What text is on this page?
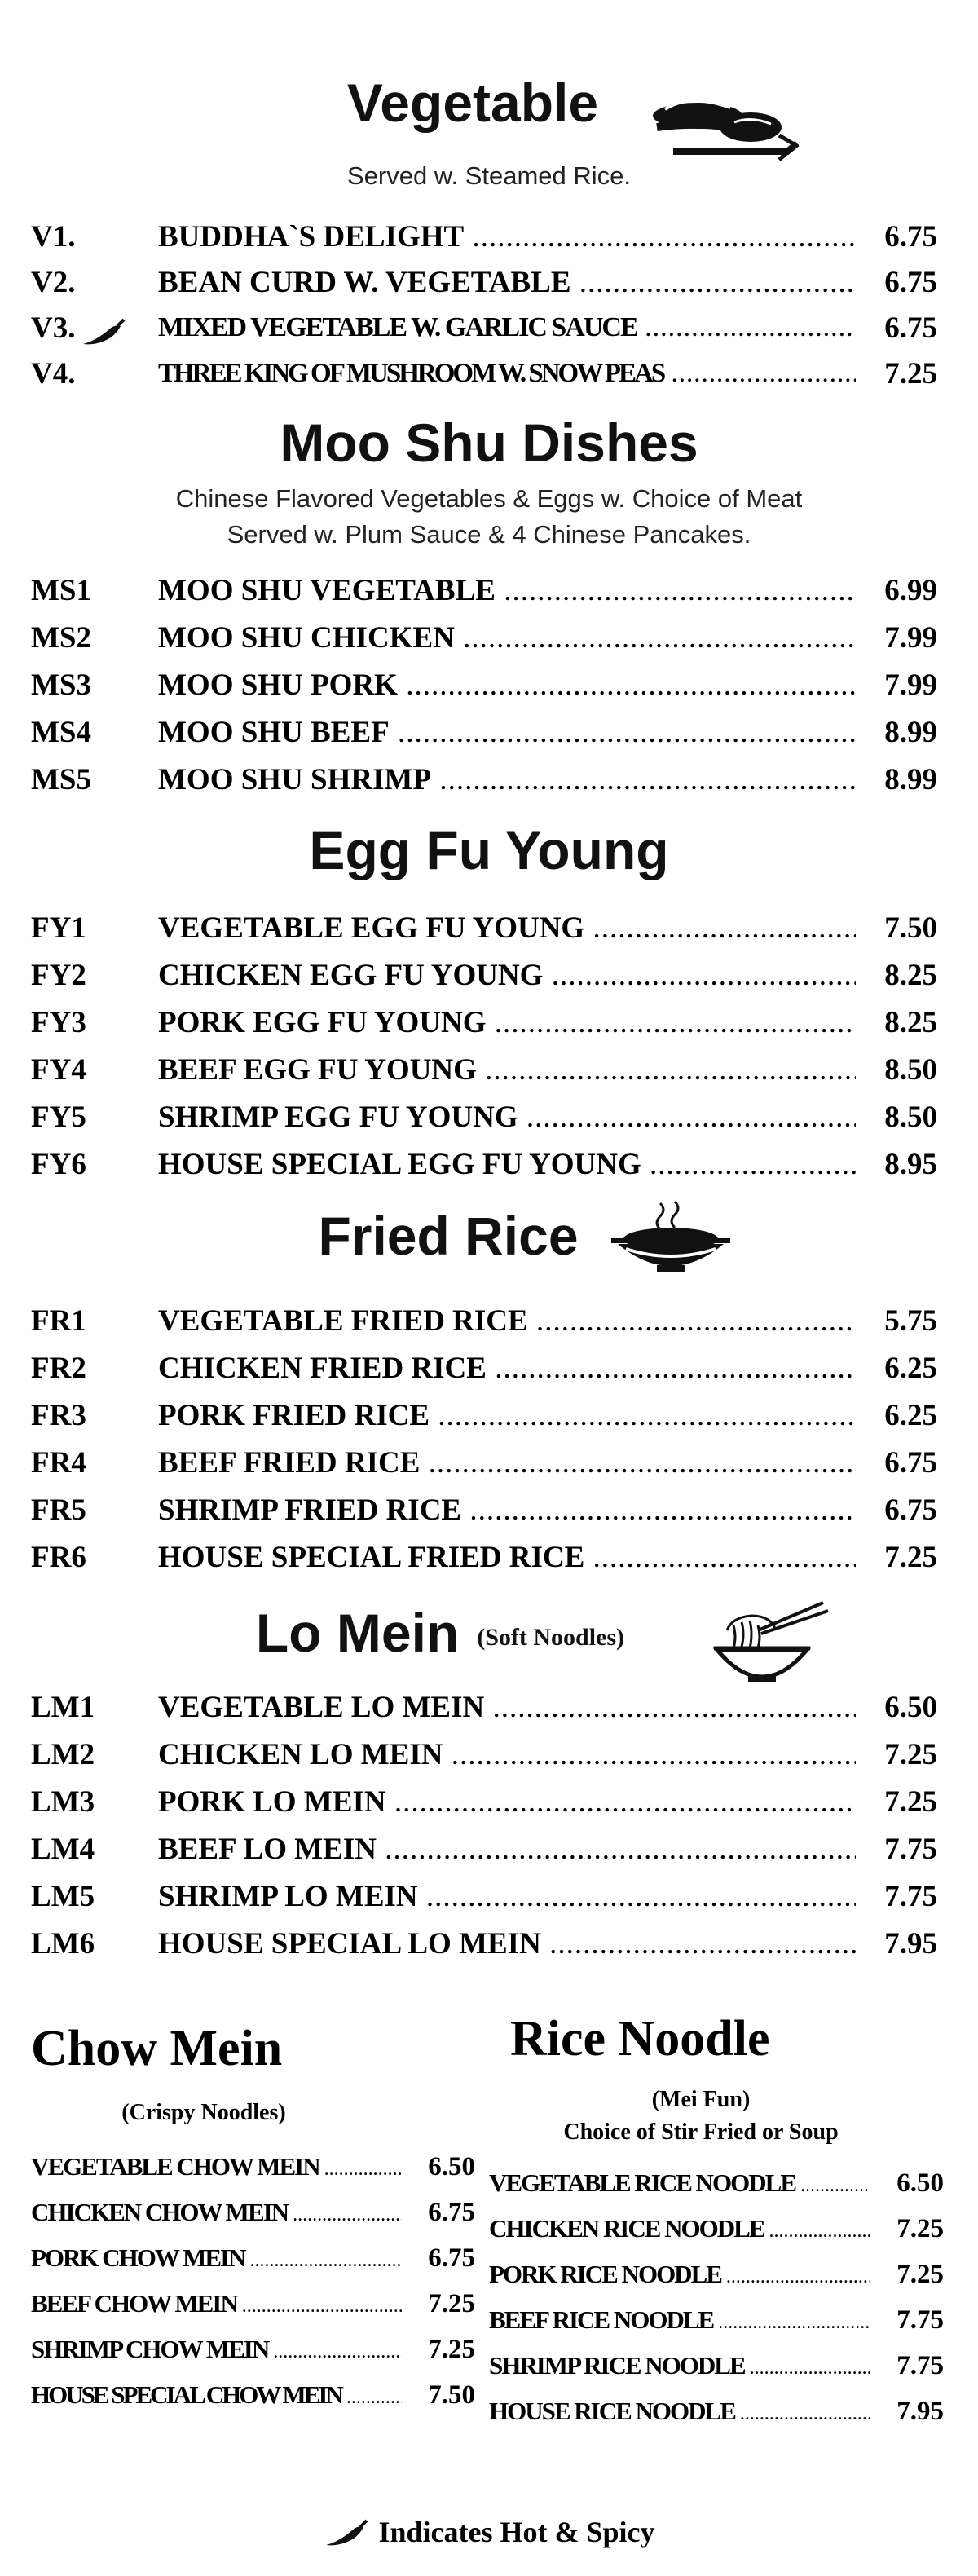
Vegetable
Served w. Steamed Rice.
V1.	BUDDHA`S DELIGHT .....	6.75
V2.	BEAN CURD W. VEGETABLE .....	6.75
V3.	MIXED VEGETABLE W. GARLIC SAUCE .....	6.75
V4.	THREE KING OF MUSHROOM W. SNOW PEAS .....	7.25
Moo Shu Dishes
Chinese Flavored Vegetables & Eggs w. Choice of Meat
Served w. Plum Sauce & 4 Chinese Pancakes.
MS1	MOO SHU VEGETABLE .....	6.99
MS2	MOO SHU CHICKEN .....	7.99
MS3	MOO SHU PORK .....	7.99
MS4	MOO SHU BEEF .....	8.99
MS5	MOO SHU SHRIMP .....	8.99
Egg Fu Young
FY1	VEGETABLE EGG FU YOUNG .....	7.50
FY2	CHICKEN EGG FU YOUNG .....	8.25
FY3	PORK EGG FU YOUNG .....	8.25
FY4	BEEF EGG FU YOUNG .....	8.50
FY5	SHRIMP EGG FU YOUNG .....	8.50
FY6	HOUSE SPECIAL EGG FU YOUNG .....	8.95
Fried Rice
FR1	VEGETABLE FRIED RICE .....	5.75
FR2	CHICKEN FRIED RICE .....	6.25
FR3	PORK FRIED RICE .....	6.25
FR4	BEEF FRIED RICE .....	6.75
FR5	SHRIMP FRIED RICE .....	6.75
FR6	HOUSE SPECIAL FRIED RICE .....	7.25
Lo Mein (Soft Noodles)
LM1	VEGETABLE LO MEIN .....	6.50
LM2	CHICKEN LO MEIN .....	7.25
LM3	PORK LO MEIN .....	7.25
LM4	BEEF LO MEIN .....	7.75
LM5	SHRIMP LO MEIN .....	7.75
LM6	HOUSE SPECIAL LO MEIN .....	7.95
Chow Mein
(Crispy Noodles)
VEGETABLE CHOW MEIN .....	6.50
CHICKEN CHOW MEIN .....	6.75
PORK CHOW MEIN .....	6.75
BEEF CHOW MEIN .....	7.25
SHRIMP CHOW MEIN .....	7.25
HOUSE SPECIAL CHOW MEIN .....	7.50
Rice Noodle
(Mei Fun)
Choice of Stir Fried or Soup
VEGETABLE RICE NOODLE .....	6.50
CHICKEN RICE NOODLE .....	7.25
PORK RICE NOODLE .....	7.25
BEEF RICE NOODLE .....	7.75
SHRIMP RICE NOODLE .....	7.75
HOUSE RICE NOODLE .....	7.95
Indicates Hot & Spicy
